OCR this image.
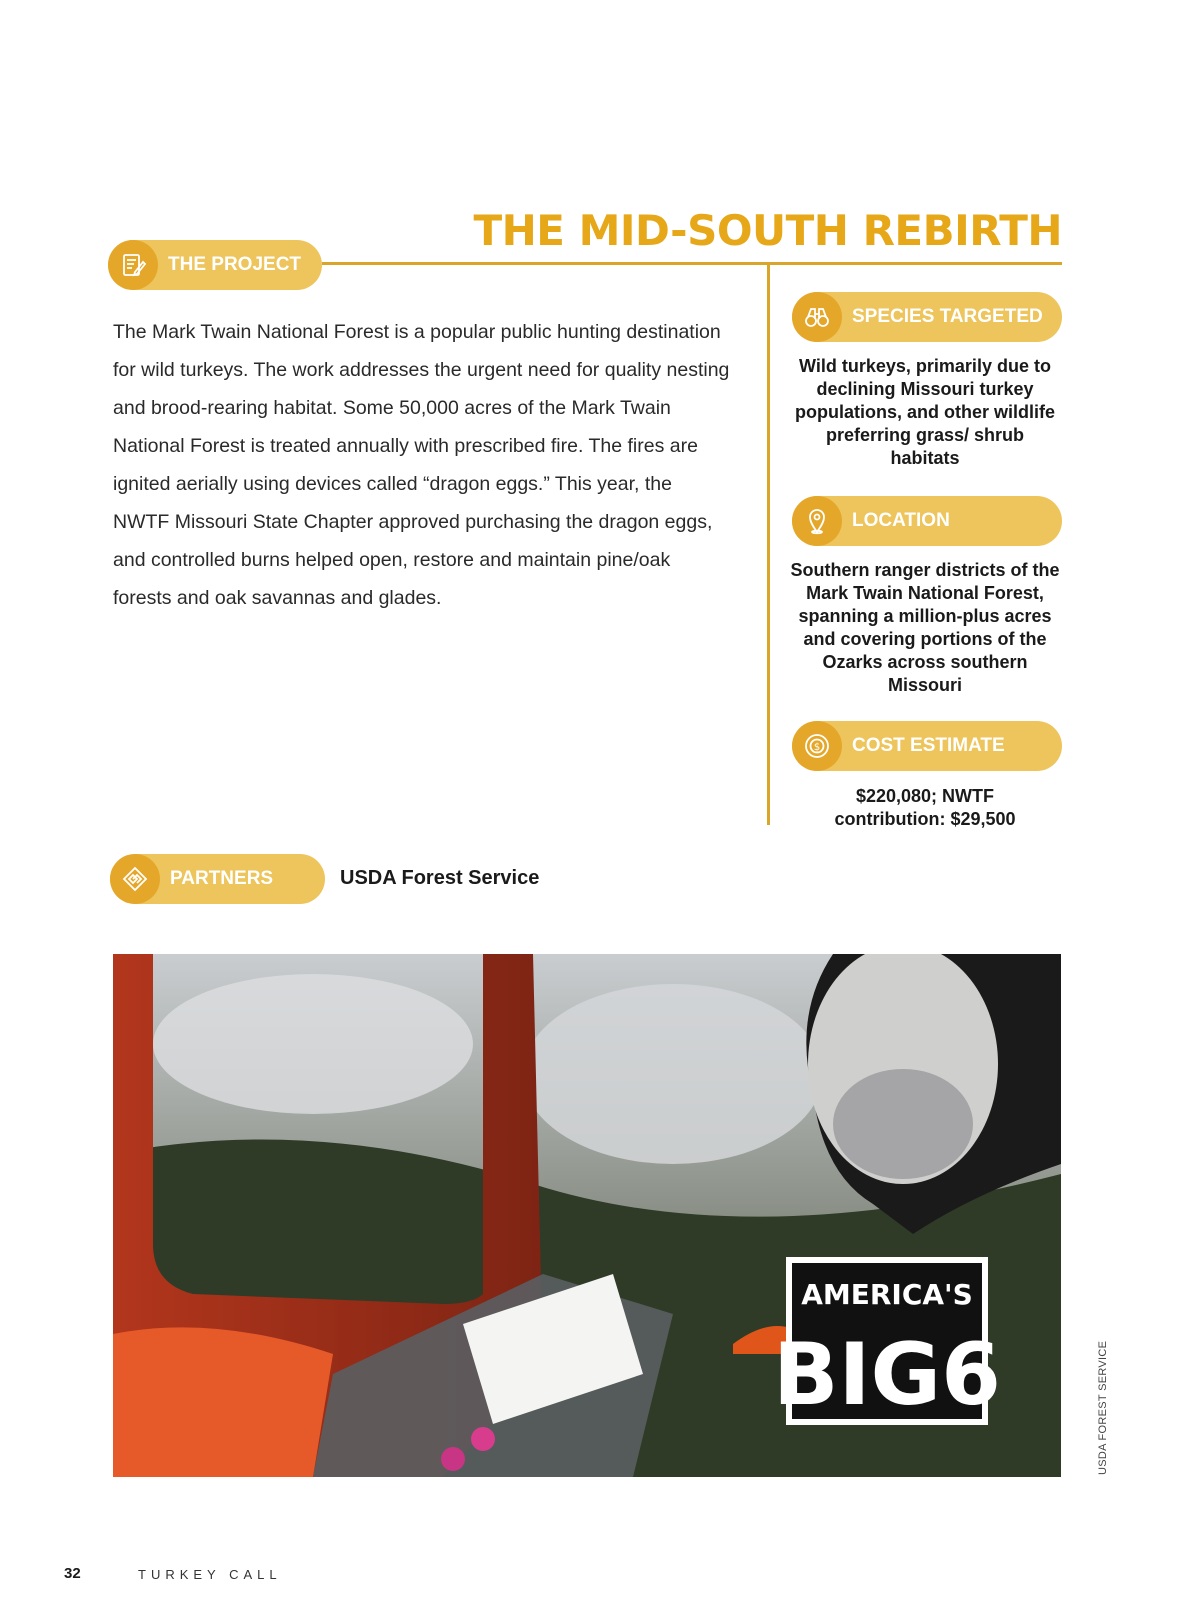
THE MID-SOUTH REBIRTH
THE PROJECT

The Mark Twain National Forest is a popular public hunting destination for wild turkeys. The work addresses the urgent need for quality nesting and brood-rearing habitat. Some 50,000 acres of the Mark Twain National Forest is treated annually with prescribed fire. The fires are ignited aerially using devices called “dragon eggs.” This year, the NWTF Missouri State Chapter approved purchasing the dragon eggs, and controlled burns helped open, restore and maintain pine/oak forests and oak savannas and glades.

SPECIES TARGETED

Wild turkeys, primarily due to declining Missouri turkey populations, and other wildlife preferring grass/ shrub habitats

LOCATION

Southern ranger districts of the Mark Twain National Forest, spanning a million-plus acres and covering portions of the Ozarks across southern Missouri

$ COST ESTIMATE

$220,080; NWTF contribution: $29,500

PARTNERS	USDA Forest Service
AMERICA'S
BIG6	USDA FOREST SERVICE
32	TURKEY CALL
